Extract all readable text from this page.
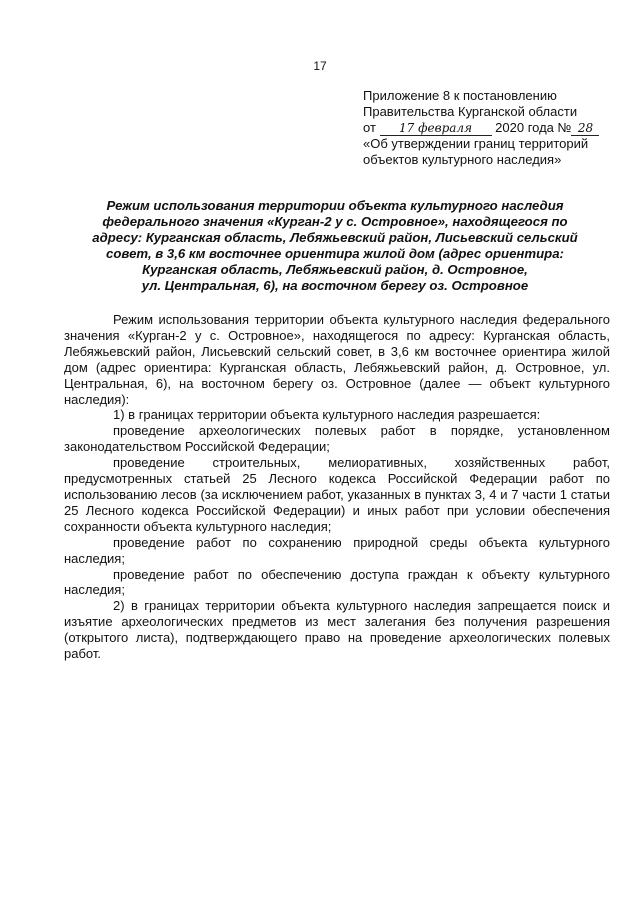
17
Приложение 8 к постановлению
Правительства Курганской области
от 17 февраля 2020 года № 28
«Об утверждении границ территорий
объектов культурного наследия»
Режим использования территории объекта культурного наследия
федерального значения «Курган-2 у с. Островное», находящегося по
адресу: Курганская область, Лебяжьевский район, Лисьевский сельский
совет, в 3,6 км восточнее ориентира жилой дом (адрес ориентира:
Курганская область, Лебяжьевский район, д. Островное,
ул. Центральная, 6), на восточном берегу оз. Островное

Режим использования территории объекта культурного наследия федерального значения «Курган-2 у с. Островное», находящегося по адресу: Курганская область, Лебяжьевский район, Лисьевский сельский совет, в 3,6 км восточнее ориентира жилой дом (адрес ориентира: Курганская область, Лебяжьевский район, д. Островное, ул. Центральная, 6), на восточном берегу оз. Островное (далее — объект культурного наследия):

1) в границах территории объекта культурного наследия разрешается:

проведение археологических полевых работ в порядке, установленном законодательством Российской Федерации;

проведение строительных, мелиоративных, хозяйственных работ, предусмотренных статьей 25 Лесного кодекса Российской Федерации работ по использованию лесов (за исключением работ, указанных в пунктах 3, 4 и 7 части 1 статьи 25 Лесного кодекса Российской Федерации) и иных работ при условии обеспечения сохранности объекта культурного наследия;

проведение работ по сохранению природной среды объекта культурного наследия;

проведение работ по обеспечению доступа граждан к объекту культурного наследия;

2) в границах территории объекта культурного наследия запрещается поиск и изъятие археологических предметов из мест залегания без получения разрешения (открытого листа), подтверждающего право на проведение археологических полевых работ.
